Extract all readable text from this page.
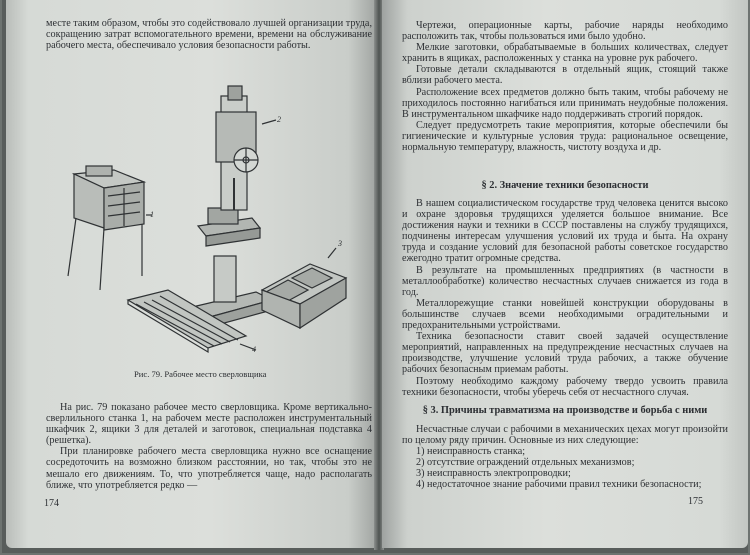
месте таким образом, чтобы это содействовало лучшей организации труда, сокращению затрат вспомогательного времени, времени на обслуживание рабочего места, обеспечивало условия безопасности работы.

1
2
3
4
Рис. 79. Рабочее место сверловщика

На рис. 79 показано рабочее место сверловщика. Кроме вертикально-сверлильного станка 1, на рабочем месте расположен инструментальный шкафчик 2, ящики 3 для деталей и заготовок, специальная подставка 4 (решетка).

При планировке рабочего места сверловщика нужно все оснащение сосредоточить на возможно близком расстоянии, но так, чтобы это не мешало его движениям. То, что употребляется чаще, надо располагать ближе, что употребляется редко —

174

Чертежи, операционные карты, рабочие наряды необходимо расположить так, чтобы пользоваться ими было удобно.

Мелкие заготовки, обрабатываемые в больших количествах, следует хранить в ящиках, расположенных у станка на уровне рук рабочего.

Готовые детали складываются в отдельный ящик, стоящий также вблизи рабочего места.

Расположение всех предметов должно быть таким, чтобы рабочему не приходилось постоянно нагибаться или принимать неудобные положения. В инструментальном шкафчике надо поддерживать строгий порядок.

Следует предусмотреть такие мероприятия, которые обеспечили бы гигиенические и культурные условия труда: рациональное освещение, нормальную температуру, влажность, чистоту воздуха и др.

§ 2. Значение техники безопасности

В нашем социалистическом государстве труд человека ценится высоко и охране здоровья трудящихся уделяется большое внимание. Все достижения науки и техники в СССР поставлены на службу трудящихся, подчинены интересам улучшения условий их труда и быта. На охрану труда и создание условий для безопасной работы советское государство ежегодно тратит огромные средства.

В результате на промышленных предприятиях (в частности в металлообработке) количество несчастных случаев снижается из года в год.

Металлорежущие станки новейшей конструкции оборудованы в большинстве случаев всеми необходимыми оградительными и предохранительными устройствами.

Техника безопасности ставит своей задачей осуществление мероприятий, направленных на предупреждение несчастных случаев на производстве, улучшение условий труда рабочих, а также обучение рабочих безопасным приемам работы.

Поэтому необходимо каждому рабочему твердо усвоить правила техники безопасности, чтобы уберечь себя от несчастного случая.

§ 3. Причины травматизма на производстве и борьба с ними

Несчастные случаи с рабочими в механических цехах могут произойти по целому ряду причин. Основные из них следующие:

1) неисправность станка;

2) отсутствие ограждений отдельных механизмов;

3) неисправность электропроводки;

4) недостаточное знание рабочими правил техники безопасности;

175
